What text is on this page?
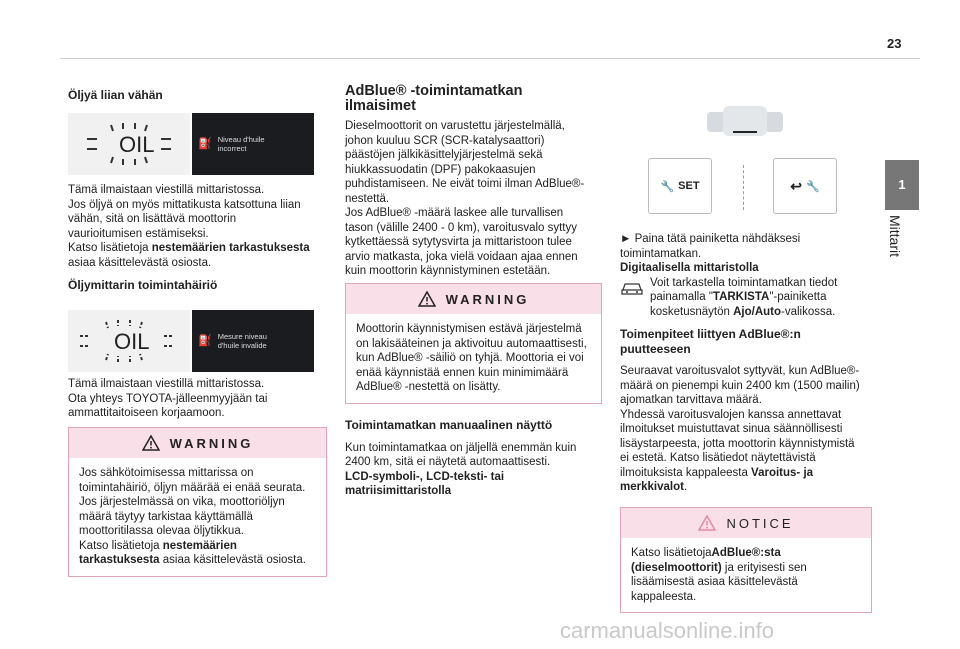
23
1
Mittarit
Öljyä liian vähän
⛽ Niveau d'huile
incorrect
OIL
Tämä ilmaistaan viestillä mittaristossa.
Jos öljyä on myös mittatikusta katsottuna liian vähän, sitä on lisättävä moottorin vaurioitumisen estämiseksi.
Katso lisätietoja nestemäärien tarkastuksesta asiaa käsittelevästä osiosta.
Öljymittarin toimintahäiriö
⛽ Mesure niveau
d'huile invalide
OIL
Tämä ilmaistaan viestillä mittaristossa.
Ota yhteys TOYOTA-jälleenmyyjään tai ammattitaitoiseen korjaamoon.
WARNING
Jos sähkötoimisessa mittarissa on toimintahäiriö, öljyn määrää ei enää seurata.
Jos järjestelmässä on vika, moottoriöljyn määrä täytyy tarkistaa käyttämällä moottoritilassa olevaa öljytikkua.
Katso lisätietoja nestemäärien tarkastuksesta asiaa käsittelevästä osiosta.
AdBlue® -toimintamatkan ilmaisimet
Dieselmoottorit on varustettu järjestelmällä, johon kuuluu SCR (SCR-katalysaattori) päästöjen jälkikäsittelyjärjestelmä sekä hiukkassuodatin (DPF) pakokaasujen puhdistamiseen. Ne eivät toimi ilman AdBlue®-nestettä.
Jos AdBlue® -määrä laskee alle turvallisen tason (välille 2400 - 0 km), varoitusvalo syttyy kytkettäessä sytytysvirta ja mittaristoon tulee arvio matkasta, joka vielä voidaan ajaa ennen kuin moottorin käynnistyminen estetään.
WARNING
Moottorin käynnistymisen estävä järjestelmä on lakisääteinen ja aktivoituu automaattisesti, kun AdBlue® -säiliö on tyhjä. Moottoria ei voi enää käynnistää ennen kuin minimimäärä AdBlue® -nestettä on lisätty.
Toimintamatkan manuaalinen näyttö
Kun toimintamatkaa on jäljellä enemmän kuin 2400 km, sitä ei näytetä automaattisesti.
LCD-symboli-, LCD-teksti- tai matriisimittaristolla
🔧 SET	↩ 🔧
► Paina tätä painiketta nähdäksesi toimintamatkan.
Digitaalisella mittaristolla
Voit tarkastella toimintamatkan tiedot painamalla "TARKISTA"-painiketta kosketusnäytön Ajo/Auto-valikossa.
Toimenpiteet liittyen AdBlue®:n puutteeseen
Seuraavat varoitusvalot syttyvät, kun AdBlue®-määrä on pienempi kuin 2400 km (1500 mailin) ajomatkan tarvittava määrä.
Yhdessä varoitusvalojen kanssa annettavat ilmoitukset muistuttavat sinua säännöllisesti lisäystarpeesta, jotta moottorin käynnistymistä ei estetä. Katso lisätiedot näytettävistä ilmoituksista kappaleesta Varoitus- ja merkkivalot.
NOTICE
Katso lisätietojaAdBlue®:sta (dieselmoottorit) ja erityisesti sen lisäämisestä asiaa käsittelevästä kappaleesta.
carmanualsonline.info
